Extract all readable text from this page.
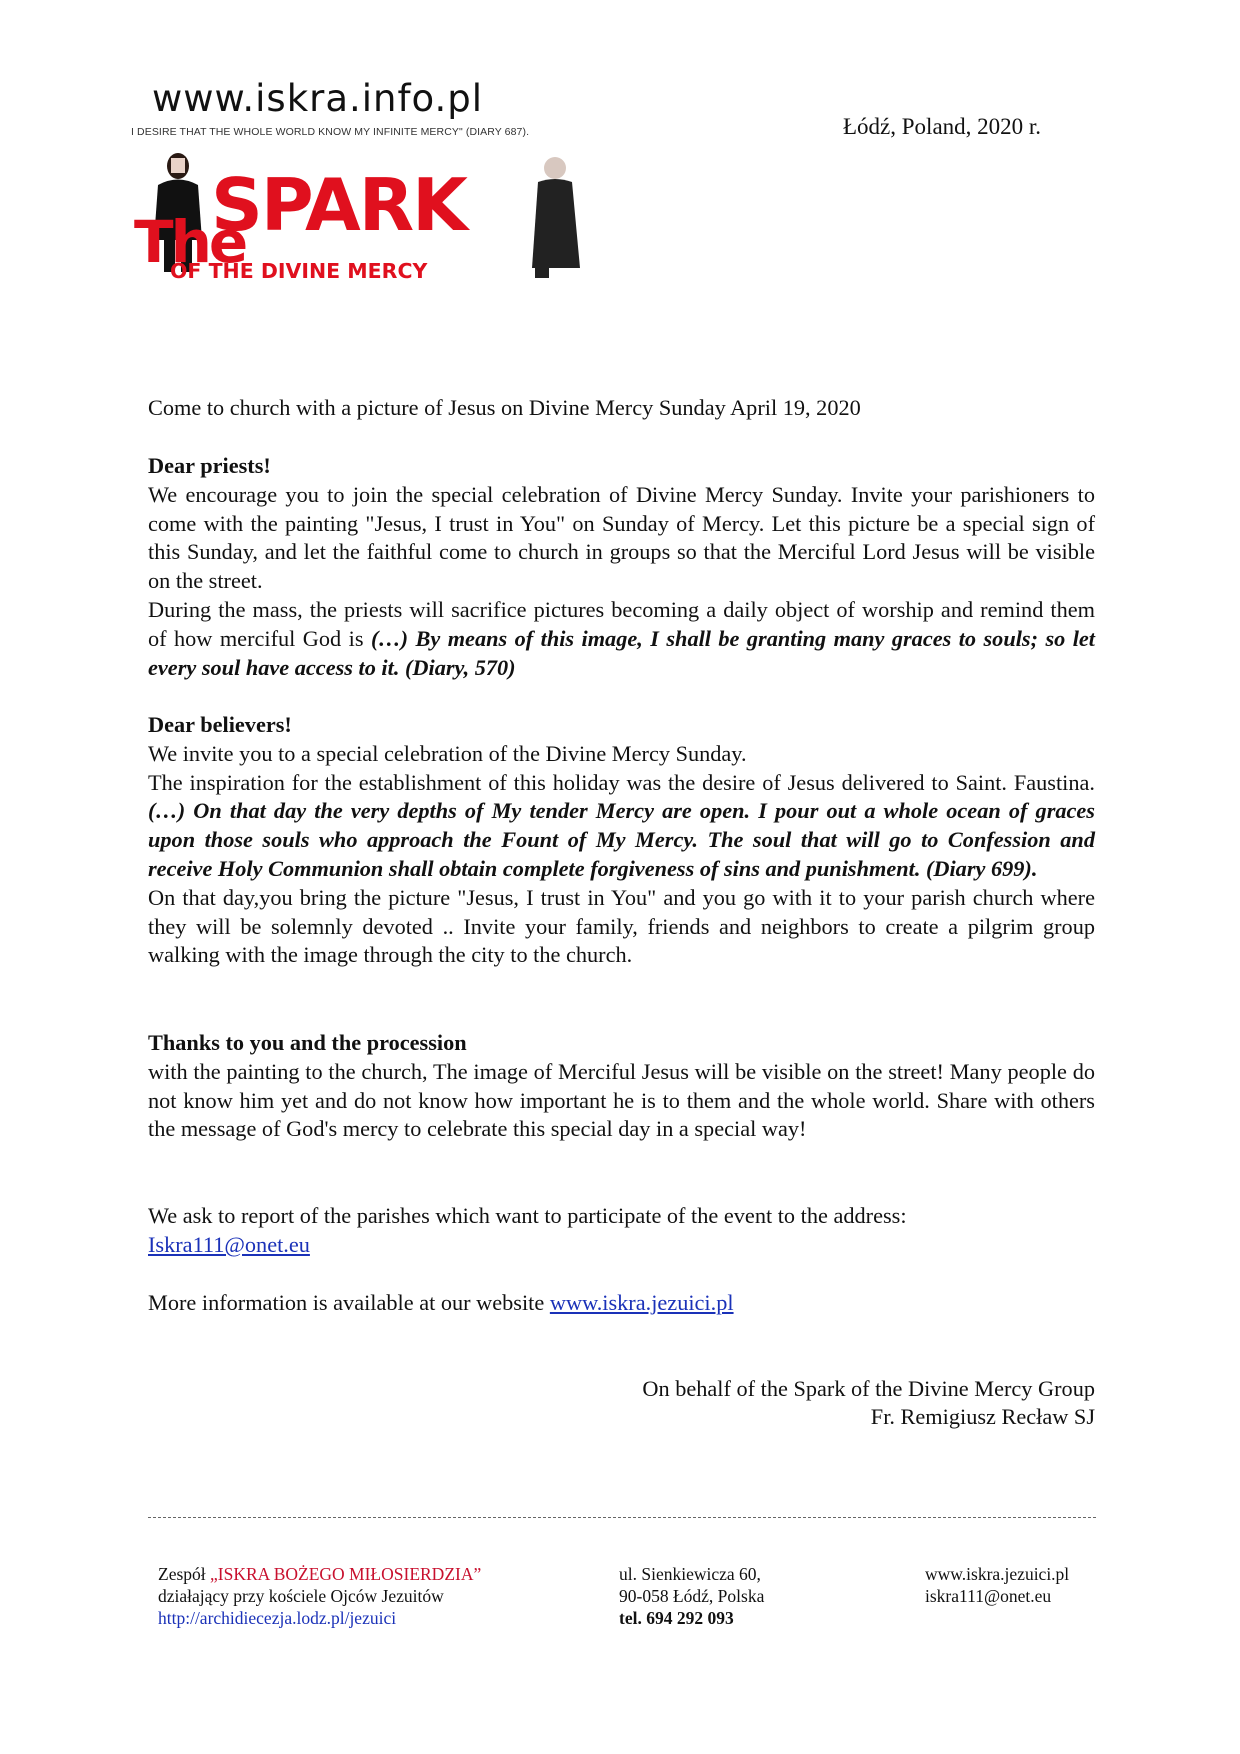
www.iskra.info.pl
I DESIRE THAT THE WHOLE WORLD KNOW MY INFINITE MERCY" (DIARY 687).	Łódź, Poland, 2020 r.
SPARK
The
OF THE DIVINE MERCY

Come to church with a picture of Jesus on Divine Mercy Sunday April 19, 2020

Dear priests!

We encourage you to join the special celebration of Divine Mercy Sunday. Invite your parishioners to come with the painting "Jesus, I trust in You" on Sunday of Mercy. Let this picture be a special sign of this Sunday, and let the faithful come to church in groups so that the Merciful Lord Jesus will be visible on the street.

During the mass, the priests will sacrifice pictures becoming a daily object of worship and remind them of how merciful God is (…) By means of this image, I shall be granting many graces to souls; so let every soul have access to it. (Diary, 570)

Dear believers!

We invite you to a special celebration of the Divine Mercy Sunday.

The inspiration for the establishment of this holiday was the desire of Jesus delivered to Saint. Faustina. (…) On that day the very depths of My tender Mercy are open. I pour out a whole ocean of graces upon those souls who approach the Fount of My Mercy. The soul that will go to Confession and receive Holy Communion shall obtain complete forgiveness of sins and punishment. (Diary 699).

On that day,you bring the picture "Jesus, I trust in You" and you go with it to your parish church where they will be solemnly devoted .. Invite your family, friends and neighbors to create a pilgrim group walking with the image through the city to the church.

Thanks to you and the procession

with the painting to the church, The image of Merciful Jesus will be visible on the street! Many people do not know him yet and do not know how important he is to them and the whole world. Share with others the message of God's mercy to celebrate this special day in a special way!

We ask to report of the parishes which want to participate of the event to the address:

Iskra111@onet.eu

More information is available at our website www.iskra.jezuici.pl

On behalf of the Spark of the Divine Mercy Group
Fr. Remigiusz Recław SJ
Zespół „ISKRA BOŻEGO MIŁOSIERDZIA”
działający przy kościele Ojców Jezuitów
http://archidiecezja.lodz.pl/jezuici
ul. Sienkiewicza 60,
90-058 Łódź, Polska
tel. 694 292 093
www.iskra.jezuici.pl
iskra111@onet.eu
